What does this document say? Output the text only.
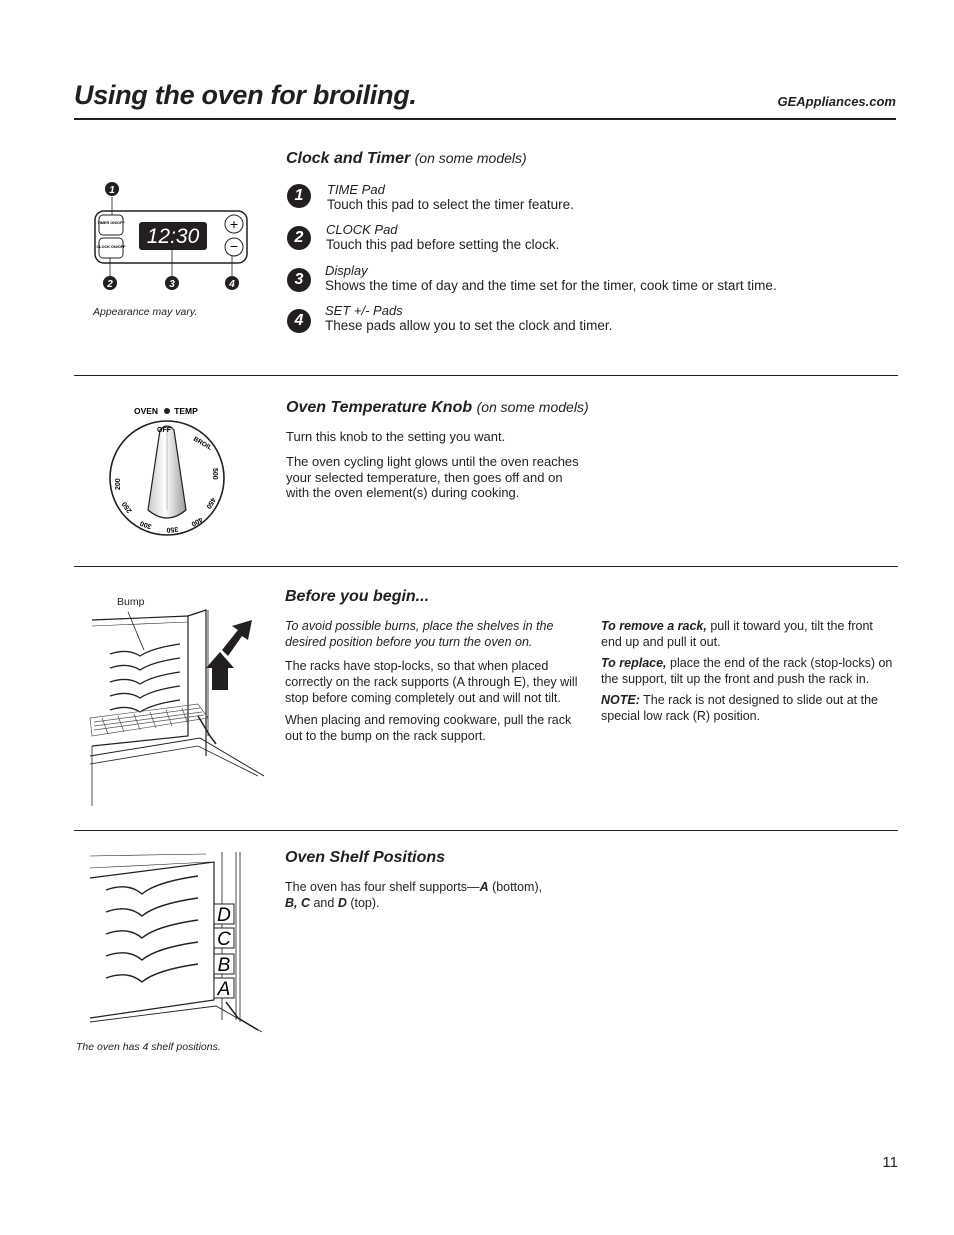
Using the oven for broiling.	GEAppliances.com
TIMER ON/OFF
CLOCK ON/OFF 12:30
+
−
1
2	3	4
Appearance may vary.
Clock and Timer (on some models)
1	TIME Pad
Touch this pad to select the timer feature.
2	CLOCK Pad
Touch this pad before setting the clock.
3
Display
Shows the time of day and the time set for the timer, cook time or start time.
4
SET +/- Pads
These pads allow you to set the clock and timer.
OVEN TEMP
OFF
BROIL
500
450
400
350
300
250
200
Oven Temperature Knob (on some models)
Turn this knob to the setting you want.
The oven cycling light glows until the oven reaches your selected temperature, then goes off and on with the oven element(s) during cooking.
Bump	Before you begin...
To avoid possible burns, place the shelves in the desired position before you turn the oven on.
The racks have stop-locks, so that when placed correctly on the rack supports (A through E), they will stop before coming completely out and will not tilt.
When placing and removing cookware, pull the rack out to the bump on the rack support.
To remove a rack, pull it toward you, tilt the front end up and pull it out.
To replace, place the end of the rack (stop-locks) on the support, tilt up the front and push the rack in.
NOTE: The rack is not designed to slide out at the special low rack (R) position.
D
C
B
A
The oven has 4 shelf positions.
Oven Shelf Positions
The oven has four shelf supports—A (bottom),
B, C and D (top).
11
